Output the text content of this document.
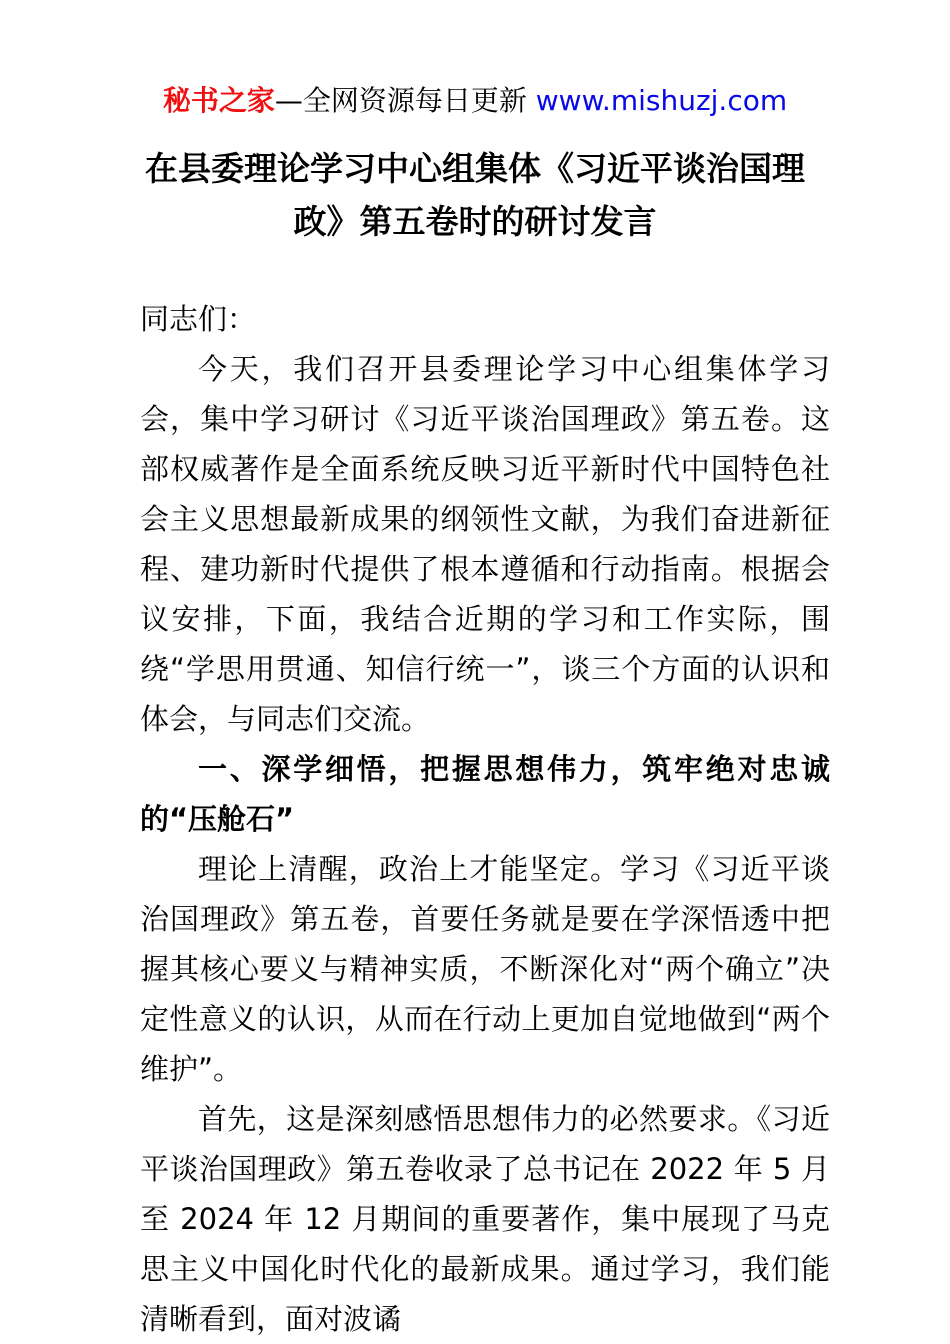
秘书之家—全网资源每日更新 www.mishuzj.com
在县委理论学习中心组集体《习近平谈治国理政》第五卷时的研讨发言

同志们：

今天，我们召开县委理论学习中心组集体学习会，集中学习研讨《习近平谈治国理政》第五卷。这部权威著作是全面系统反映习近平新时代中国特色社会主义思想最新成果的纲领性文献，为我们奋进新征程、建功新时代提供了根本遵循和行动指南。根据会议安排，下面，我结合近期的学习和工作实际，围绕“学思用贯通、知信行统一”，谈三个方面的认识和体会，与同志们交流。

一、深学细悟，把握思想伟力，筑牢绝对忠诚的“压舱石”

理论上清醒，政治上才能坚定。学习《习近平谈治国理政》第五卷，首要任务就是要在学深悟透中把握其核心要义与精神实质，不断深化对“两个确立”决定性意义的认识，从而在行动上更加自觉地做到“两个维护”。

首先，这是深刻感悟思想伟力的必然要求。《习近平谈治国理政》第五卷收录了总书记在 2022 年 5 月至 2024 年 12 月期间的重要著作，集中展现了马克思主义中国化时代化的最新成果。通过学习，我们能清晰看到，面对波谲
